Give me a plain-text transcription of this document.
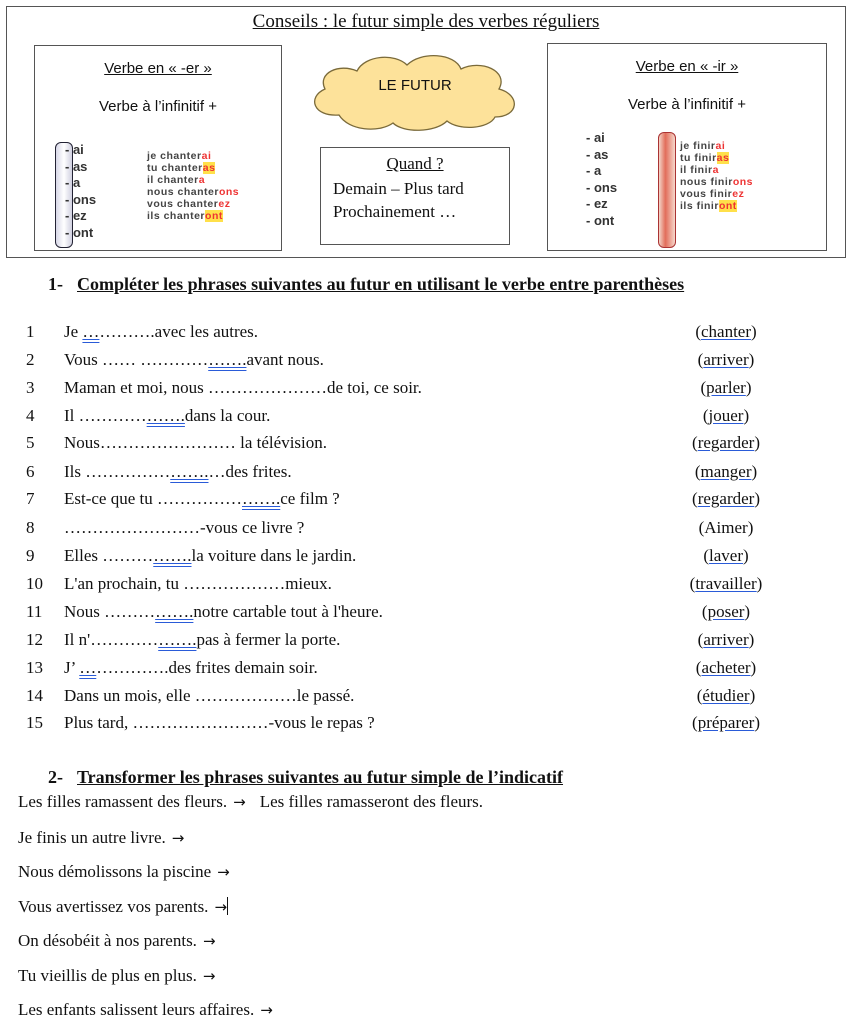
Conseils : le futur simple des verbes réguliers
Verbe en « -er »
Verbe à l’infinitif +
- ai
- as
- a
- ons
- ez
- ont
je chanterai
tu chanteras
il chantera
nous chanterons
vous chanterez
ils chanteront
LE FUTUR
Quand ?
Demain – Plus tard
Prochainement …
Verbe en « -ir »
Verbe à l’infinitif +
- ai
- as
- a
- ons
- ez
- ont
je finirai
tu finiras
il finira
nous finirons
vous finirez
ils finiront
1- Compléter les phrases suivantes au futur en utilisant le verbe entre parenthèses
1	Je ………….avec les autres.	(chanter)
2	Vous …… ……………….avant nous.	(arriver)
3	Maman et moi, nous …………………de toi, ce soir.	(parler)
4	Il ……………….dans la cour.	(jouer)
5	Nous…………………… la télévision.	(regarder)
6	Ils ………………….…des frites.	(manger)
7	Est-ce que tu ………………….ce film ?	(regarder)
8	……………………-vous ce livre ?	(Aimer)
9	Elles …………….la voiture dans le jardin.	(laver)
10	L'an prochain, tu ………………mieux.	(travailler)
11	Nous …………….notre cartable tout à l'heure.	(poser)
12	Il n'……………….pas à fermer la porte.	(arriver)
13	J’ …………….des frites demain soir.	(acheter)
14	Dans un mois, elle ………………le passé.	(étudier)
15	Plus tard, ……………………-vous le repas ?	(préparer)
2- Transformer les phrases suivantes au futur simple de l’indicatif
Les filles ramassent des fleurs. → Les filles ramasseront des fleurs.
Je finis un autre livre. →
Nous démolissons la piscine →
Vous avertissez vos parents. →
On désobéit à nos parents. →
Tu vieillis de plus en plus. →
Les enfants salissent leurs affaires. →
